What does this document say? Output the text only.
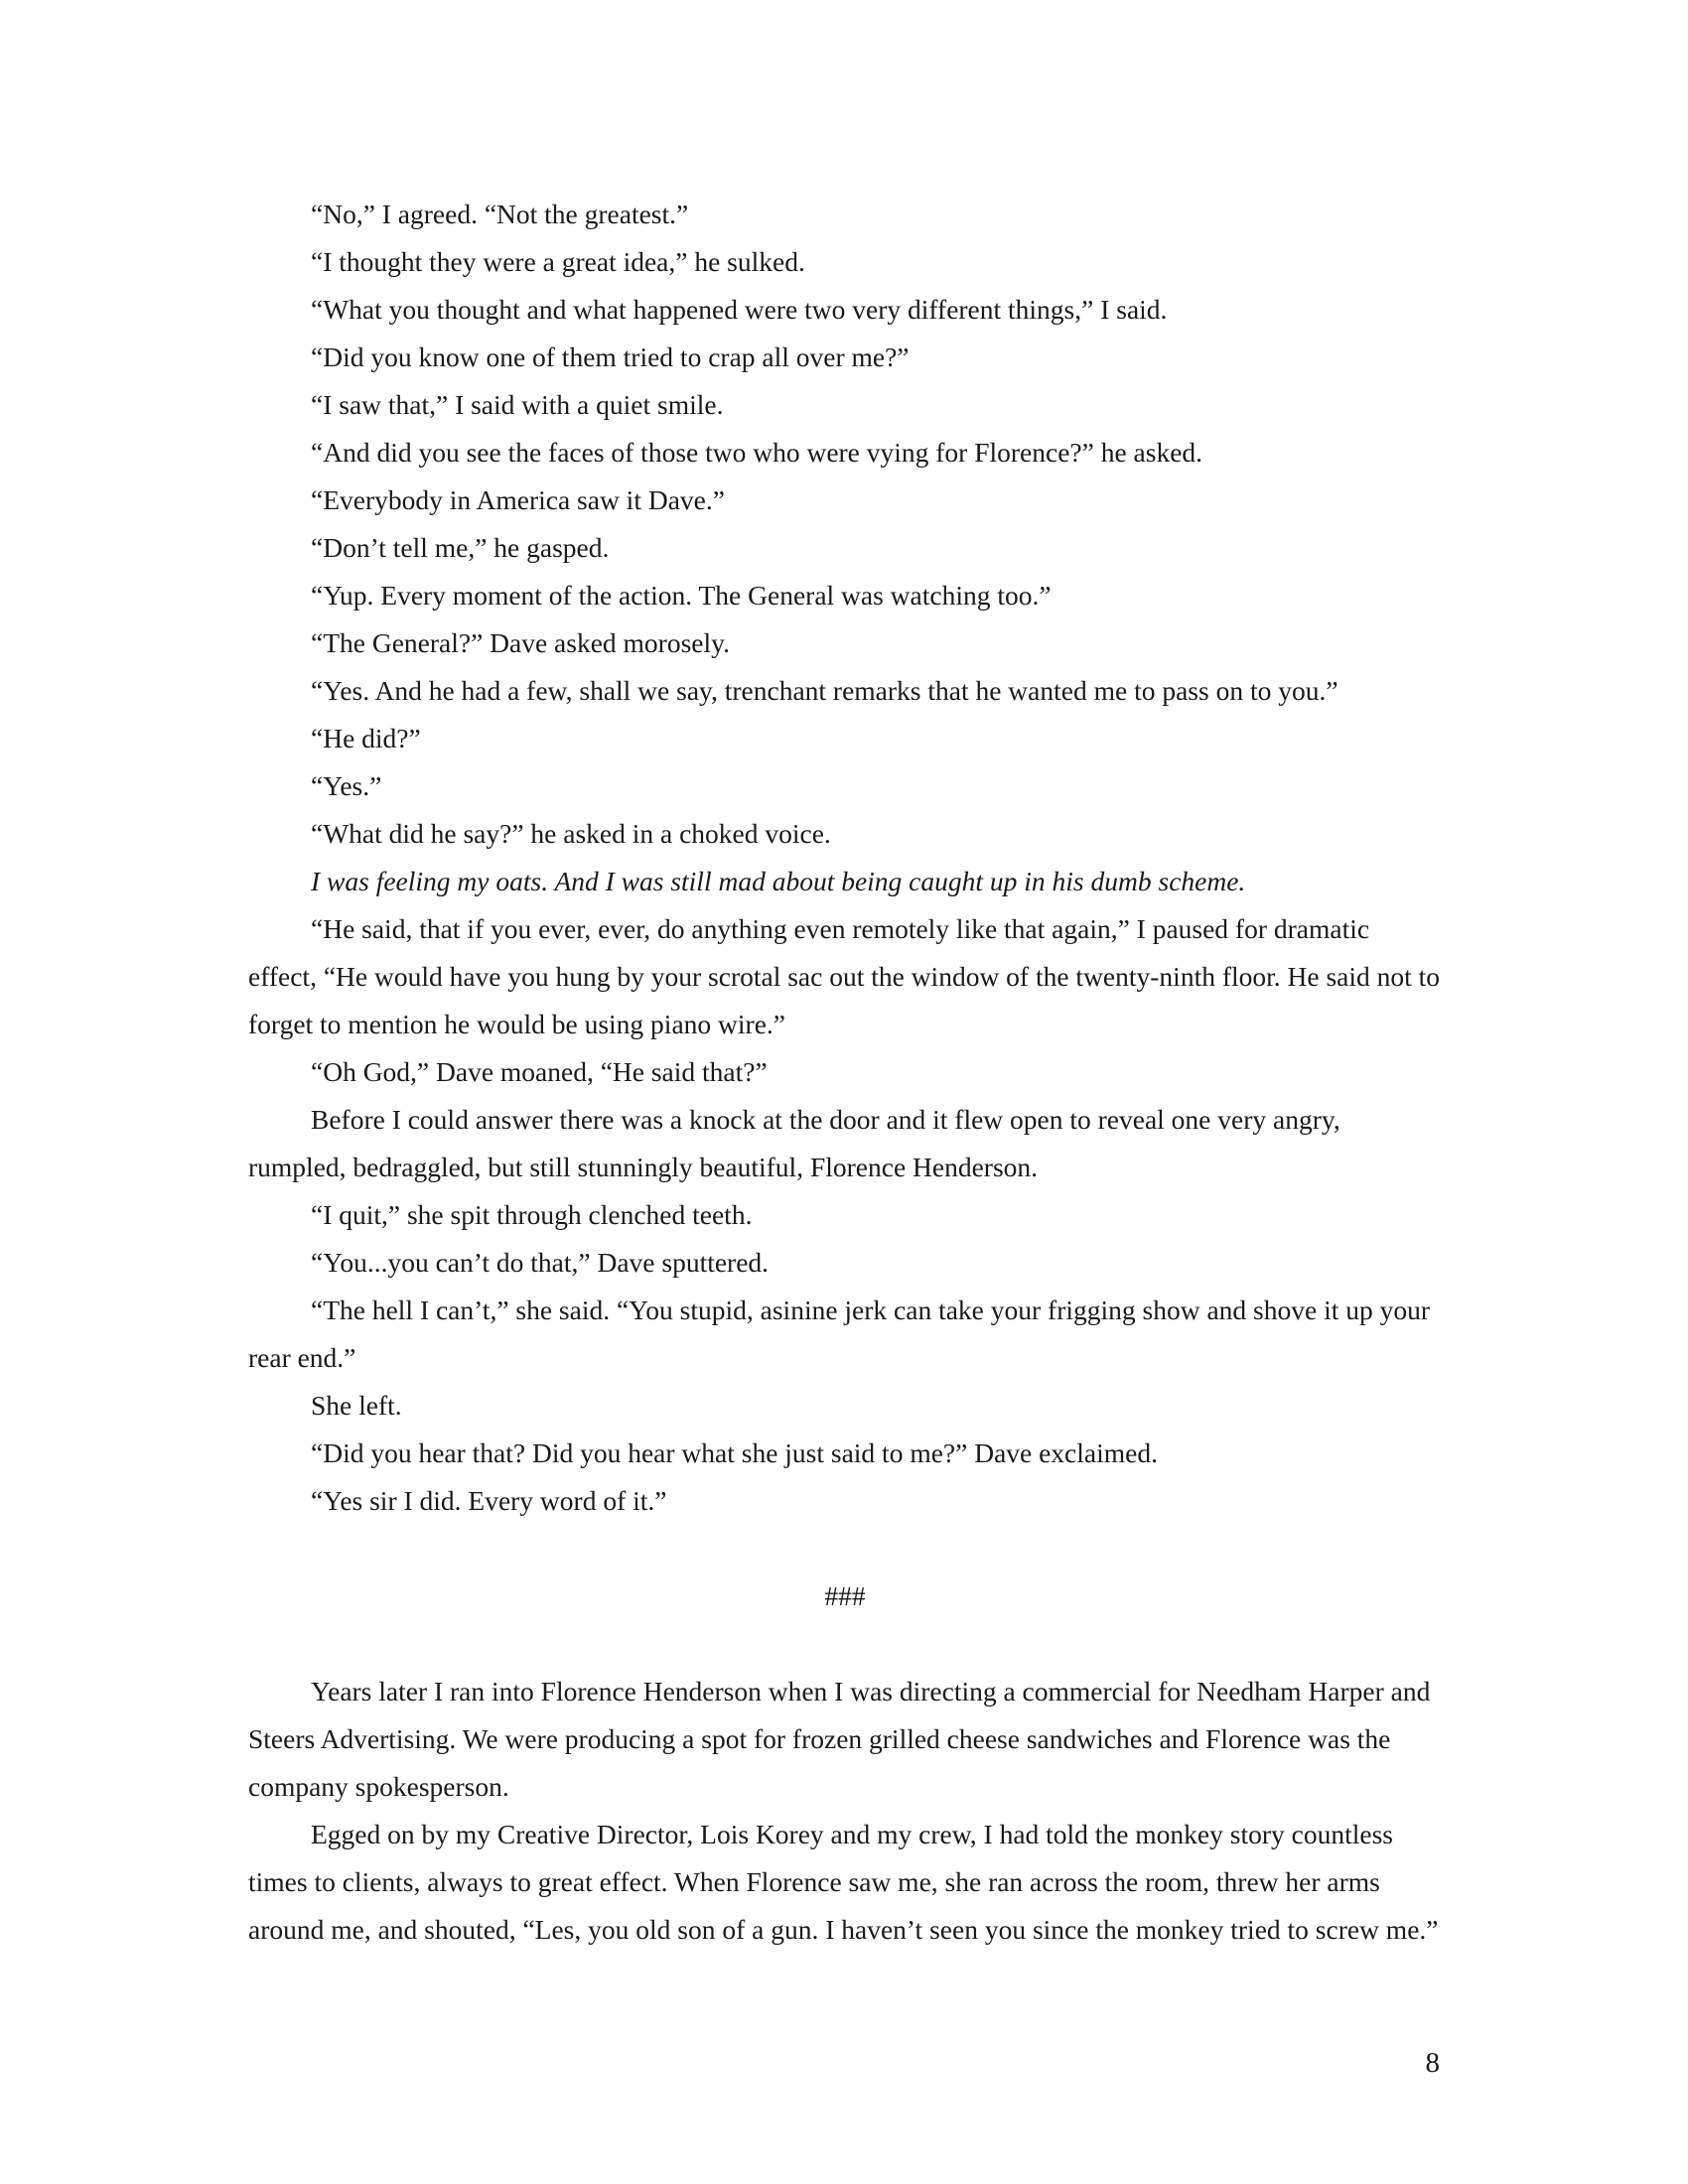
“No,” I agreed. “Not the greatest.”

“I thought they were a great idea,” he sulked.

“What you thought and what happened were two very different things,” I said.

“Did you know one of them tried to crap all over me?”

“I saw that,” I said with a quiet smile.

“And did you see the faces of those two who were vying for Florence?” he asked.

“Everybody in America saw it Dave.”

“Don’t tell me,” he gasped.

“Yup. Every moment of the action. The General was watching too.”

“The General?” Dave asked morosely.

“Yes. And he had a few, shall we say, trenchant remarks that he wanted me to pass on to you.”

“He did?”

“Yes.”

“What did he say?” he asked in a choked voice.

I was feeling my oats. And I was still mad about being caught up in his dumb scheme.

“He said, that if you ever, ever, do anything even remotely like that again,” I paused for dramatic effect, “He would have you hung by your scrotal sac out the window of the twenty-ninth floor. He said not to forget to mention he would be using piano wire.”

“Oh God,” Dave moaned, “He said that?”

Before I could answer there was a knock at the door and it flew open to reveal one very angry, rumpled, bedraggled, but still stunningly beautiful, Florence Henderson.

“I quit,” she spit through clenched teeth.

“You...you can’t do that,” Dave sputtered.

“The hell I can’t,” she said. “You stupid, asinine jerk can take your frigging show and shove it up your rear end.”

She left.

“Did you hear that? Did you hear what she just said to me?” Dave exclaimed.

“Yes sir I did. Every word of it.”

###

Years later I ran into Florence Henderson when I was directing a commercial for Needham Harper and Steers Advertising. We were producing a spot for frozen grilled cheese sandwiches and Florence was the company spokesperson.

Egged on by my Creative Director, Lois Korey and my crew, I had told the monkey story countless times to clients, always to great effect. When Florence saw me, she ran across the room, threw her arms around me, and shouted, “Les, you old son of a gun. I haven’t seen you since the monkey tried to screw me.”

8
